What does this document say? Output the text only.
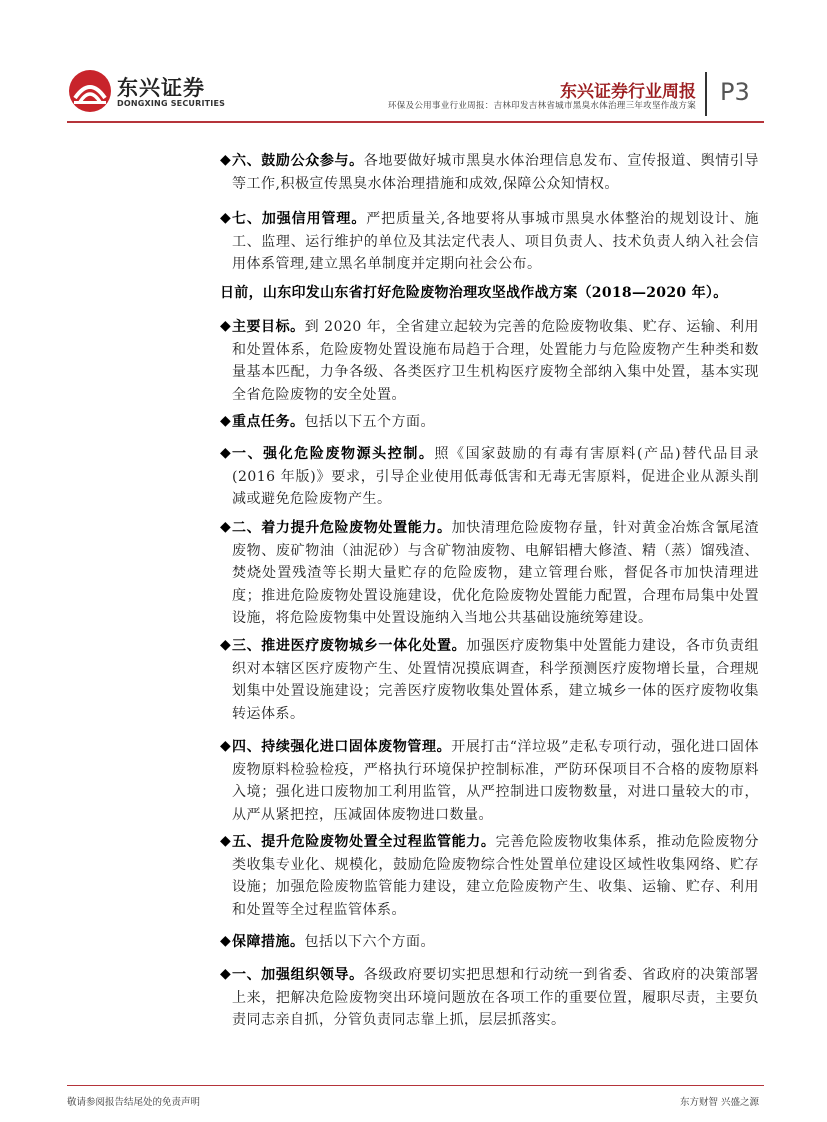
东兴证券
DONGXING SECURITIES
东兴证券行业周报
环保及公用事业行业周报：吉林印发吉林省城市黑臭水体治理三年攻坚作战方案 P3
◆ 六、鼓励公众参与。各地要做好城市黑臭水体治理信息发布、宣传报道、舆情引导等工作,积极宣传黑臭水体治理措施和成效,保障公众知情权。
◆ 七、加强信用管理。严把质量关,各地要将从事城市黑臭水体整治的规划设计、施工、监理、运行维护的单位及其法定代表人、项目负责人、技术负责人纳入社会信用体系管理,建立黑名单制度并定期向社会公布。
日前，山东印发山东省打好危险废物治理攻坚战作战方案（2018—2020 年）。
◆ 主要目标。到 2020 年，全省建立起较为完善的危险废物收集、贮存、运输、利用和处置体系，危险废物处置设施布局趋于合理，处置能力与危险废物产生种类和数量基本匹配，力争各级、各类医疗卫生机构医疗废物全部纳入集中处置，基本实现全省危险废物的安全处置。
◆ 重点任务。包括以下五个方面。
◆ 一、强化危险废物源头控制。照《国家鼓励的有毒有害原料(产品)替代品目录(2016 年版)》要求，引导企业使用低毒低害和无毒无害原料，促进企业从源头削减或避免危险废物产生。
◆ 二、着力提升危险废物处置能力。加快清理危险废物存量，针对黄金冶炼含氰尾渣废物、废矿物油（油泥砂）与含矿物油废物、电解铝槽大修渣、精（蒸）馏残渣、焚烧处置残渣等长期大量贮存的危险废物，建立管理台账，督促各市加快清理进度；推进危险废物处置设施建设，优化危险废物处置能力配置，合理布局集中处置设施，将危险废物集中处置设施纳入当地公共基础设施统筹建设。
◆ 三、推进医疗废物城乡一体化处置。加强医疗废物集中处置能力建设，各市负责组织对本辖区医疗废物产生、处置情况摸底调查，科学预测医疗废物增长量，合理规划集中处置设施建设；完善医疗废物收集处置体系，建立城乡一体的医疗废物收集转运体系。
◆ 四、持续强化进口固体废物管理。开展打击“洋垃圾”走私专项行动，强化进口固体废物原料检验检疫，严格执行环境保护控制标准，严防环保项目不合格的废物原料入境；强化进口废物加工利用监管，从严控制进口废物数量，对进口量较大的市，从严从紧把控，压减固体废物进口数量。
◆ 五、提升危险废物处置全过程监管能力。完善危险废物收集体系，推动危险废物分类收集专业化、规模化，鼓励危险废物综合性处置单位建设区域性收集网络、贮存设施；加强危险废物监管能力建设，建立危险废物产生、收集、运输、贮存、利用和处置等全过程监管体系。
◆ 保障措施。包括以下六个方面。
◆ 一、加强组织领导。各级政府要切实把思想和行动统一到省委、省政府的决策部署上来，把解决危险废物突出环境问题放在各项工作的重要位置，履职尽责，主要负责同志亲自抓，分管负责同志靠上抓，层层抓落实。
敬请参阅报告结尾处的免责声明	东方财智 兴盛之源
